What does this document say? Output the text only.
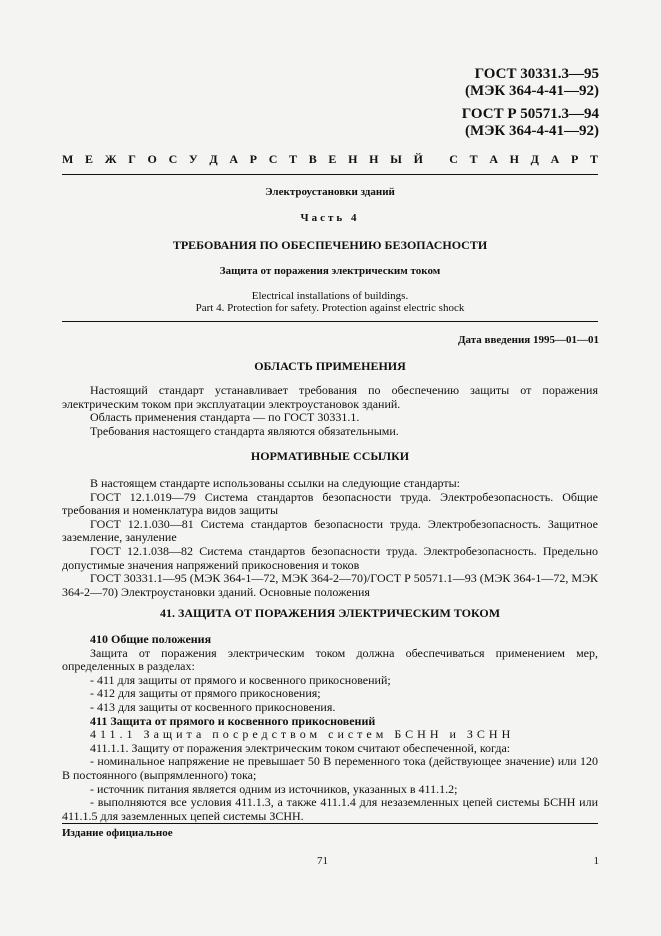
ГОСТ 30331.3—95
(МЭК 364-4-41—92)
ГОСТ Р 50571.3—94
(МЭК 364-4-41—92)
М Е Ж Г О С У Д А Р С Т В Е Н Н Ы Й
С Т А Н Д А Р Т
Электроустановки зданий
Часть 4
ТРЕБОВАНИЯ ПО ОБЕСПЕЧЕНИЮ БЕЗОПАСНОСТИ
Защита от поражения электрическим током
Electrical installations of buildings.
Part 4. Protection for safety. Protection against electric shock
Дата введения 1995—01—01
ОБЛАСТЬ ПРИМЕНЕНИЯ

Настоящий стандарт устанавливает требования по обеспечению защиты от поражения электрическим током при эксплуатации электроустановок зданий.

Область применения стандарта — по ГОСТ 30331.1.

Требования настоящего стандарта являются обязательными.

НОРМАТИВНЫЕ ССЫЛКИ

В настоящем стандарте использованы ссылки на следующие стандарты:

ГОСТ 12.1.019—79 Система стандартов безопасности труда. Электробезопасность. Общие требования и номенклатура видов защиты

ГОСТ 12.1.030—81 Система стандартов безопасности труда. Электробезопасность. Защитное заземление, зануление

ГОСТ 12.1.038—82 Система стандартов безопасности труда. Электробезопасность. Предельно допустимые значения напряжений прикосновения и токов

ГОСТ 30331.1—95 (МЭК 364-1—72, МЭК 364-2—70)/ГОСТ Р 50571.1—93 (МЭК 364-1—72, МЭК 364-2—70) Электроустановки зданий. Основные положения

41. ЗАЩИТА ОТ ПОРАЖЕНИЯ ЭЛЕКТРИЧЕСКИМ ТОКОМ

410 Общие положения

Защита от поражения электрическим током должна обеспечиваться применением мер, определенных в разделах:

- 411 для защиты от прямого и косвенного прикосновений;

- 412 для защиты от прямого прикосновения;

- 413 для защиты от косвенного прикосновения.

411 Защита от прямого и косвенного прикосновений

411.1 Защита посредством систем БСНН и ЗСНН

411.1.1. Защиту от поражения электрическим током считают обеспеченной, когда:

- номинальное напряжение не превышает 50 В переменного тока (действующее значение) или 120 В постоянного (выпрямленного) тока;

- источник питания является одним из источников, указанных в 411.1.2;

- выполняются все условия 411.1.3, а также 411.1.4 для незаземленных цепей системы БСНН или 411.1.5 для заземленных цепей системы ЗСНН.

Издание официальное
71	1
